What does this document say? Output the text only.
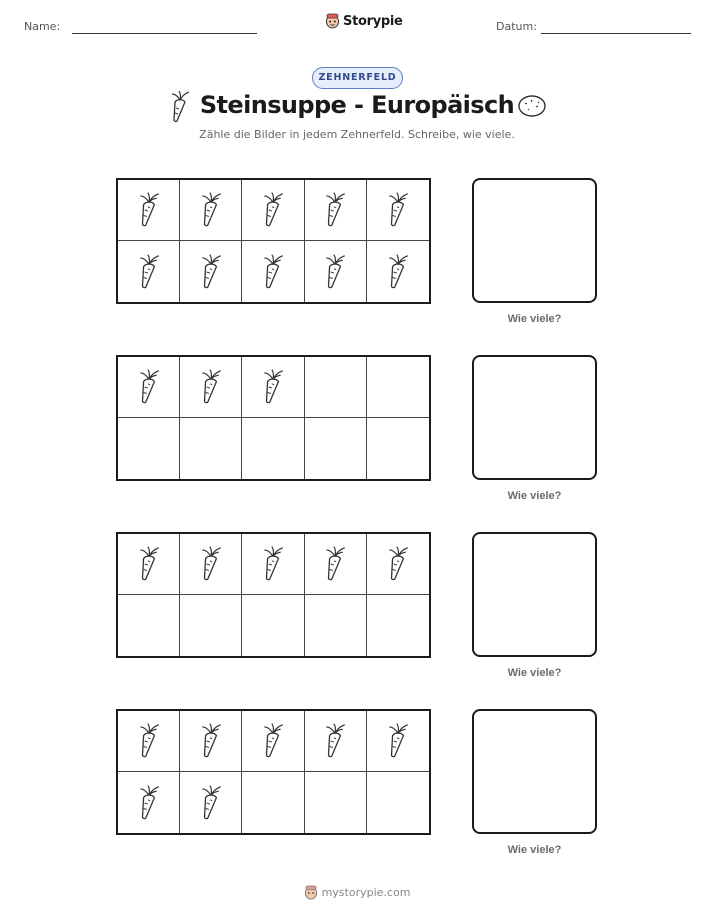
Name:	Storypie	Datum:
ZEHNERFELD
Steinsuppe - Europäisch
Zähle die Bilder in jedem Zehnerfeld. Schreibe, wie viele.
Wie viele?
Wie viele?
Wie viele?
Wie viele?
mystorypie.com
